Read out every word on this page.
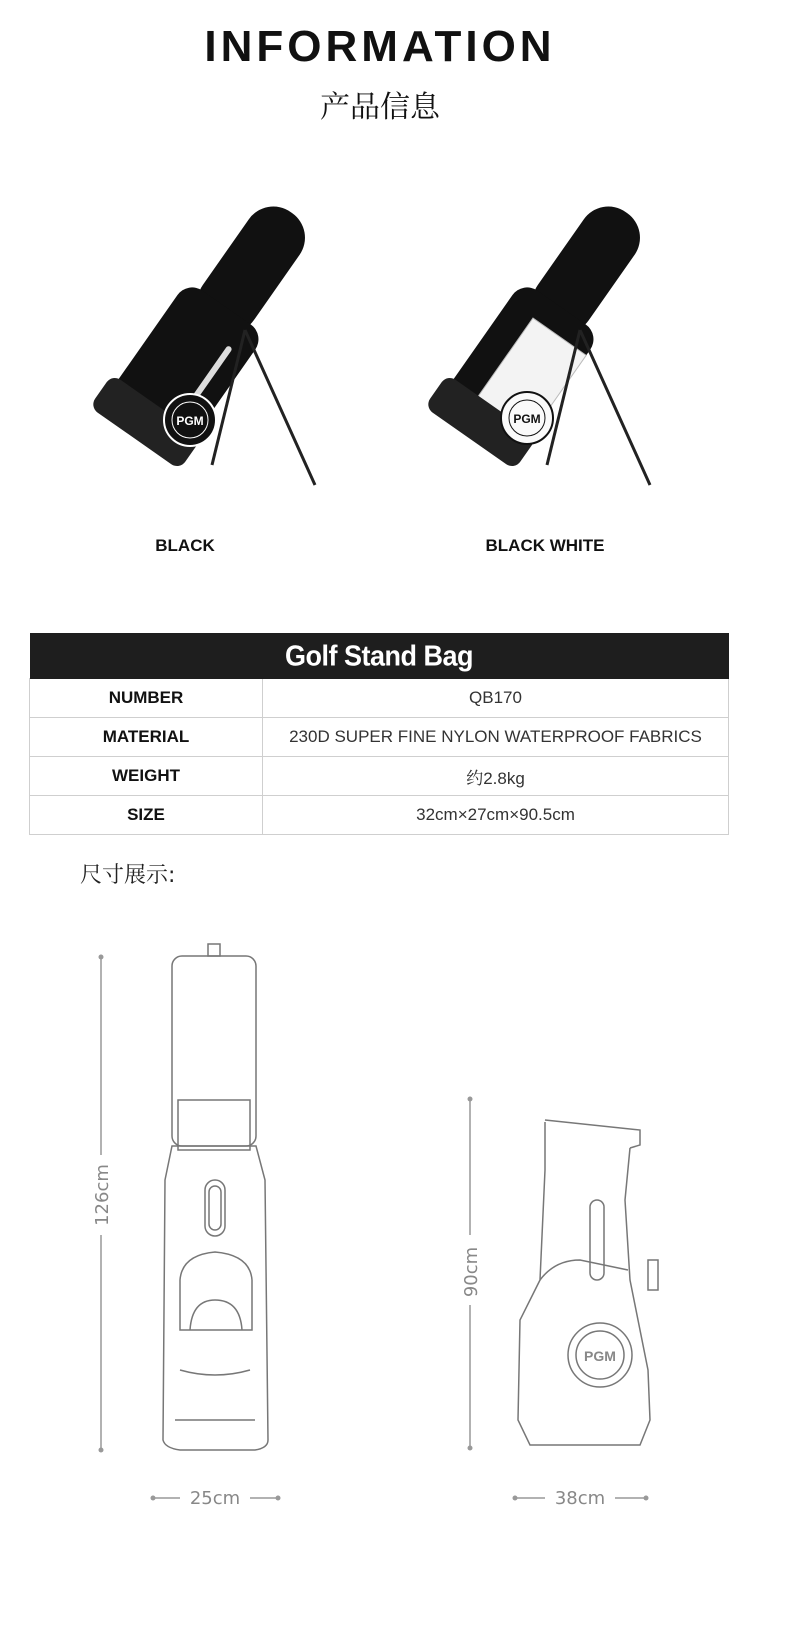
INFORMATION
产品信息
PGM	PGM
BLACK	BLACK WHITE
Golf Stand Bag	
NUMBER	QB170
MATERIAL	230D SUPER FINE NYLON WATERPROOF FABRICS
WEIGHT	约2.8kg
SIZE	32cm×27cm×90.5cm
尺寸展示:
126cm
25cm
PGM
90cm
38cm
